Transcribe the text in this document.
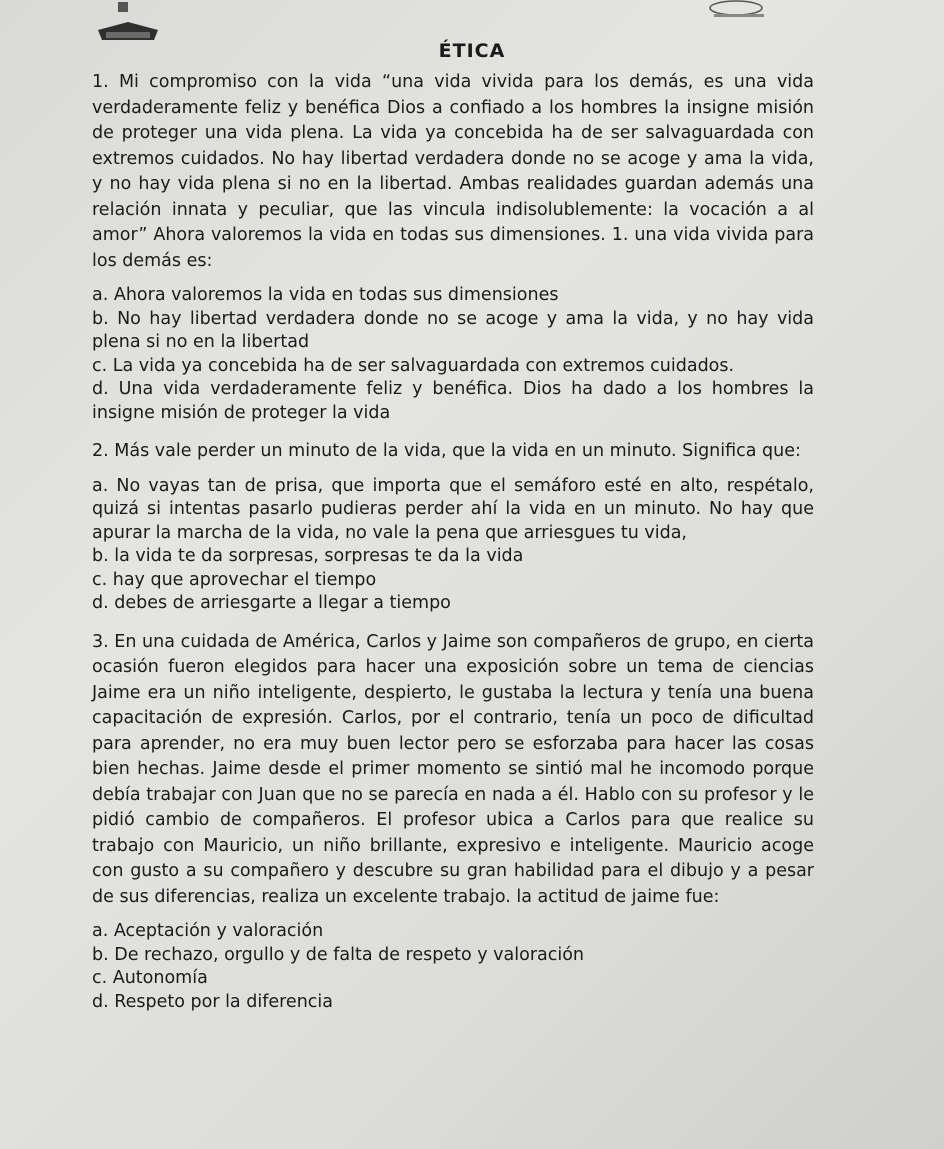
ÉTICA

1. Mi compromiso con la vida “una vida vivida para los demás, es una vida verdaderamente feliz y benéfica Dios a confiado a los hombres la insigne misión de proteger una vida plena. La vida ya concebida ha de ser salvaguardada con extremos cuidados. No hay libertad verdadera donde no se acoge y ama la vida, y no hay vida plena si no en la libertad. Ambas realidades guardan además una relación innata y peculiar, que las vincula indisolublemente: la vocación a al amor” Ahora valoremos la vida en todas sus dimensiones. 1. una vida vivida para los demás es:

a. Ahora valoremos la vida en todas sus dimensiones

b. No hay libertad verdadera donde no se acoge y ama la vida, y no hay vida plena si no en la libertad

c. La vida ya concebida ha de ser salvaguardada con extremos cuidados.

d. Una vida verdaderamente feliz y benéfica. Dios ha dado a los hombres la insigne misión de proteger la vida

2. Más vale perder un minuto de la vida, que la vida en un minuto. Significa que:

a. No vayas tan de prisa, que importa que el semáforo esté en alto, respétalo, quizá si intentas pasarlo pudieras perder ahí la vida en un minuto. No hay que apurar la marcha de la vida, no vale la pena que arriesgues tu vida,

b. la vida te da sorpresas, sorpresas te da la vida

c. hay que aprovechar el tiempo

d. debes de arriesgarte a llegar a tiempo

3. En una cuidada de América, Carlos y Jaime son compañeros de grupo, en cierta ocasión fueron elegidos para hacer una exposición sobre un tema de ciencias Jaime era un niño inteligente, despierto, le gustaba la lectura y tenía una buena capacitación de expresión. Carlos, por el contrario, tenía un poco de dificultad para aprender, no era muy buen lector pero se esforzaba para hacer las cosas bien hechas. Jaime desde el primer momento se sintió mal he incomodo porque debía trabajar con Juan que no se parecía en nada a él. Hablo con su profesor y le pidió cambio de compañeros. El profesor ubica a Carlos para que realice su trabajo con Mauricio, un niño brillante, expresivo e inteligente. Mauricio acoge con gusto a su compañero y descubre su gran habilidad para el dibujo y a pesar de sus diferencias, realiza un excelente trabajo. la actitud de jaime fue:

a. Aceptación y valoración

b. De rechazo, orgullo y de falta de respeto y valoración

c. Autonomía

d. Respeto por la diferencia
